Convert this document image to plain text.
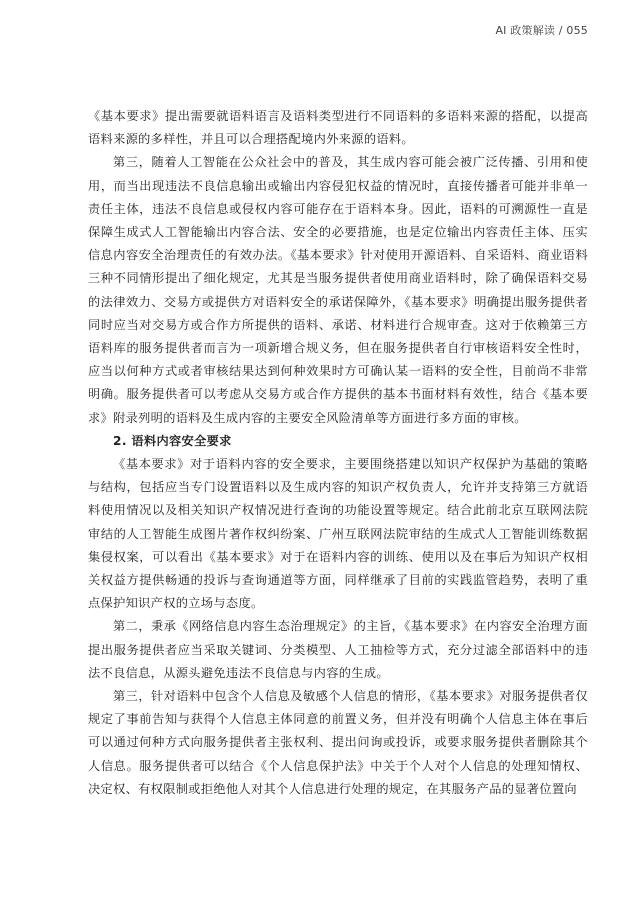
AI 政策解读 / 055

《基本要求》提出需要就语料语言及语料类型进行不同语料的多语料来源的搭配，以提高语料来源的多样性，并且可以合理搭配境内外来源的语料。

第三，随着人工智能在公众社会中的普及，其生成内容可能会被广泛传播、引用和使用，而当出现违法不良信息输出或输出内容侵犯权益的情况时，直接传播者可能并非单一责任主体，违法不良信息或侵权内容可能存在于语料本身。因此，语料的可溯源性一直是保障生成式人工智能输出内容合法、安全的必要措施，也是定位输出内容责任主体、压实信息内容安全治理责任的有效办法。《基本要求》针对使用开源语料、自采语料、商业语料三种不同情形提出了细化规定，尤其是当服务提供者使用商业语料时，除了确保语料交易的法律效力、交易方或提供方对语料安全的承诺保障外，《基本要求》明确提出服务提供者同时应当对交易方或合作方所提供的语料、承诺、材料进行合规审查。这对于依赖第三方语料库的服务提供者而言为一项新增合规义务，但在服务提供者自行审核语料安全性时，应当以何种方式或者审核结果达到何种效果时方可确认某一语料的安全性，目前尚不非常明确。服务提供者可以考虑从交易方或合作方提供的基本书面材料有效性，结合《基本要求》附录列明的语料及生成内容的主要安全风险清单等方面进行多方面的审核。

2. 语料内容安全要求

《基本要求》对于语料内容的安全要求，主要围绕搭建以知识产权保护为基础的策略与结构，包括应当专门设置语料以及生成内容的知识产权负责人，允许并支持第三方就语料使用情况以及相关知识产权情况进行查询的功能设置等规定。结合此前北京互联网法院审结的人工智能生成图片著作权纠纷案、广州互联网法院审结的生成式人工智能训练数据集侵权案，可以看出《基本要求》对于在语料内容的训练、使用以及在事后为知识产权相关权益方提供畅通的投诉与查询通道等方面，同样继承了目前的实践监管趋势，表明了重点保护知识产权的立场与态度。

第二，秉承《网络信息内容生态治理规定》的主旨，《基本要求》在内容安全治理方面提出服务提供者应当采取关键词、分类模型、人工抽检等方式，充分过滤全部语料中的违法不良信息，从源头避免违法不良信息与内容的生成。

第三，针对语料中包含个人信息及敏感个人信息的情形，《基本要求》对服务提供者仅规定了事前告知与获得个人信息主体同意的前置义务，但并没有明确个人信息主体在事后可以通过何种方式向服务提供者主张权利、提出问询或投诉，或要求服务提供者删除其个人信息。服务提供者可以结合《个人信息保护法》中关于个人对个人信息的处理知情权、决定权、有权限制或拒绝他人对其个人信息进行处理的规定，在其服务产品的显著位置向
